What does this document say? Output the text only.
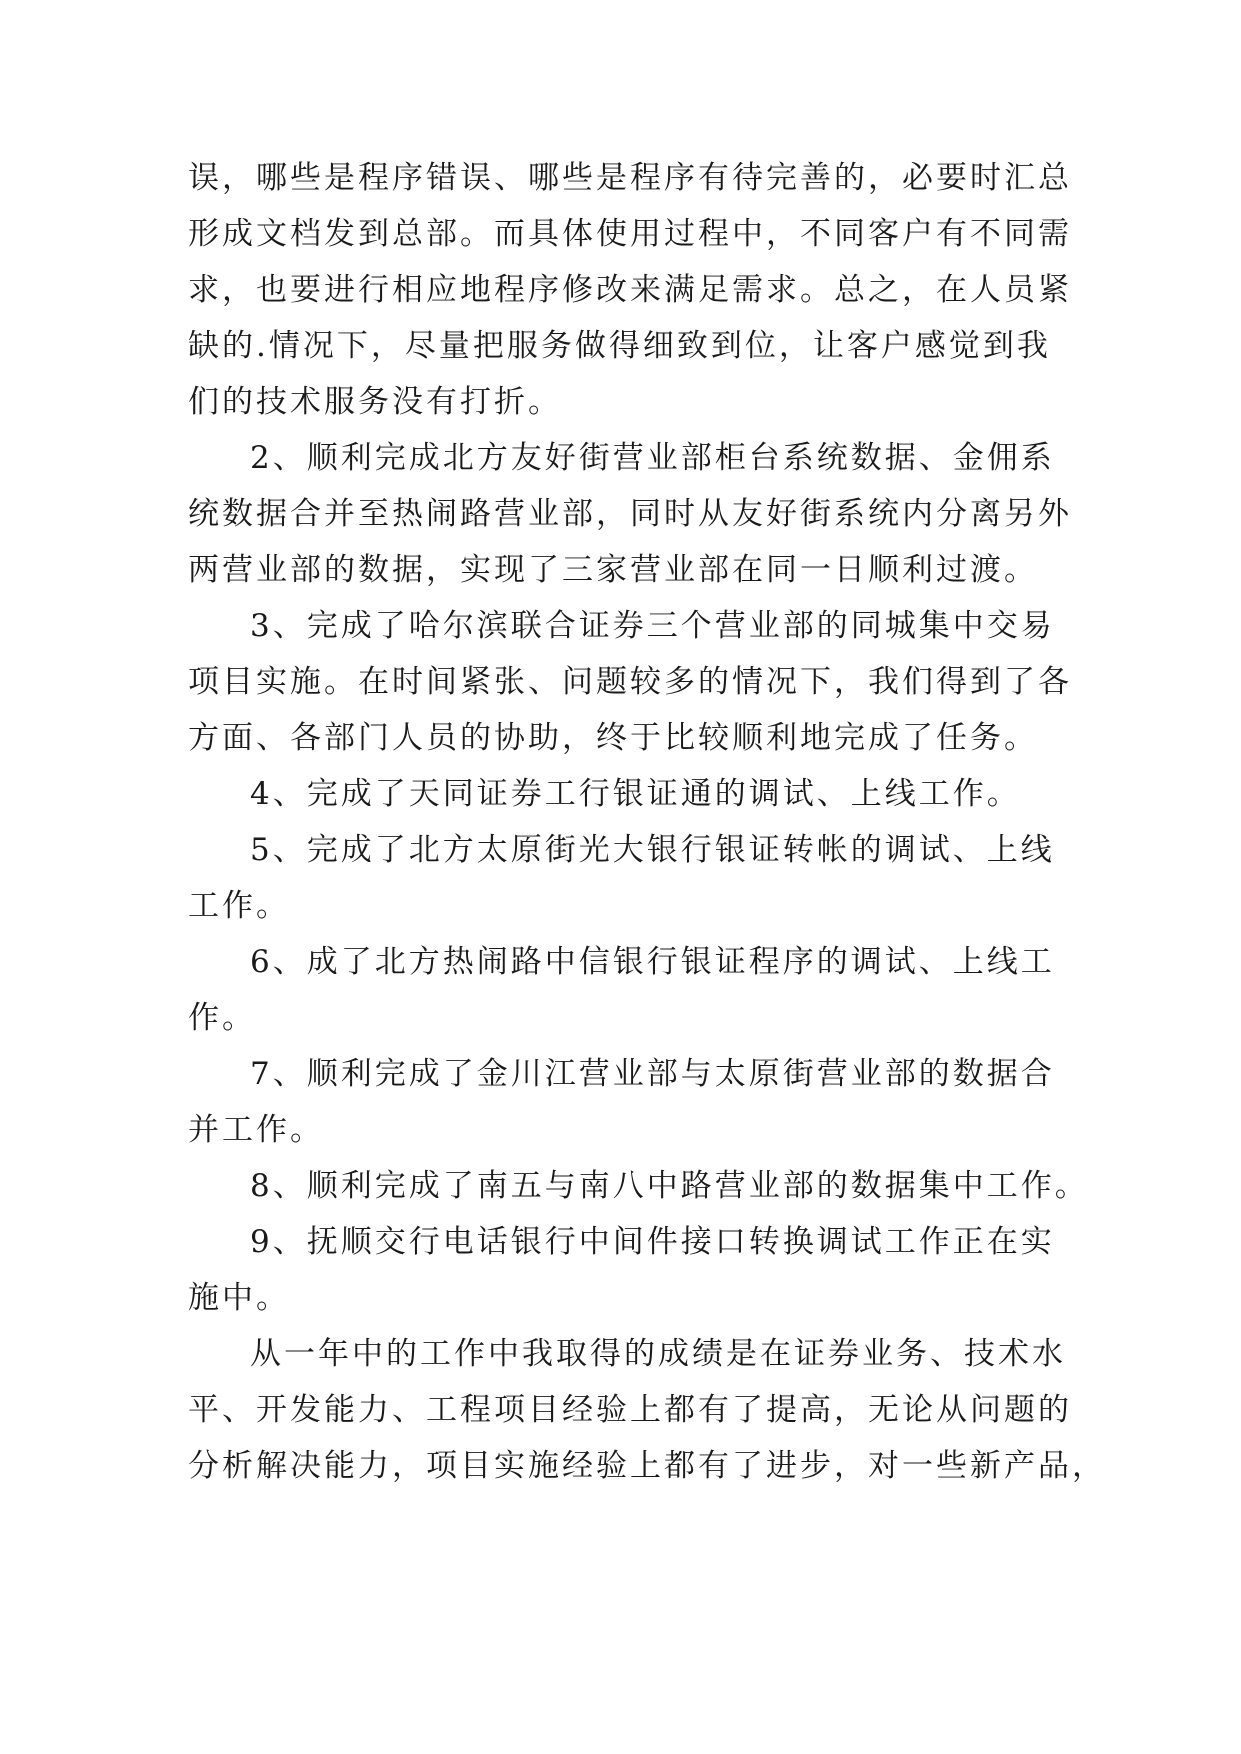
误，哪些是程序错误、哪些是程序有待完善的，必要时汇总
形成文档发到总部。而具体使用过程中，不同客户有不同需
求，也要进行相应地程序修改来满足需求。总之，在人员紧
缺的.情况下，尽量把服务做得细致到位，让客户感觉到我
们的技术服务没有打折。
2、顺利完成北方友好街营业部柜台系统数据、金佣系
统数据合并至热闹路营业部，同时从友好街系统内分离另外
两营业部的数据，实现了三家营业部在同一日顺利过渡。
3、完成了哈尔滨联合证券三个营业部的同城集中交易
项目实施。在时间紧张、问题较多的情况下，我们得到了各
方面、各部门人员的协助，终于比较顺利地完成了任务。
4、完成了天同证券工行银证通的调试、上线工作。
5、完成了北方太原街光大银行银证转帐的调试、上线
工作。
6、成了北方热闹路中信银行银证程序的调试、上线工
作。
7、顺利完成了金川江营业部与太原街营业部的数据合
并工作。
8、顺利完成了南五与南八中路营业部的数据集中工作。
9、抚顺交行电话银行中间件接口转换调试工作正在实
施中。
从一年中的工作中我取得的成绩是在证券业务、技术水
平、开发能力、工程项目经验上都有了提高，无论从问题的
分析解决能力，项目实施经验上都有了进步，对一些新产品，
